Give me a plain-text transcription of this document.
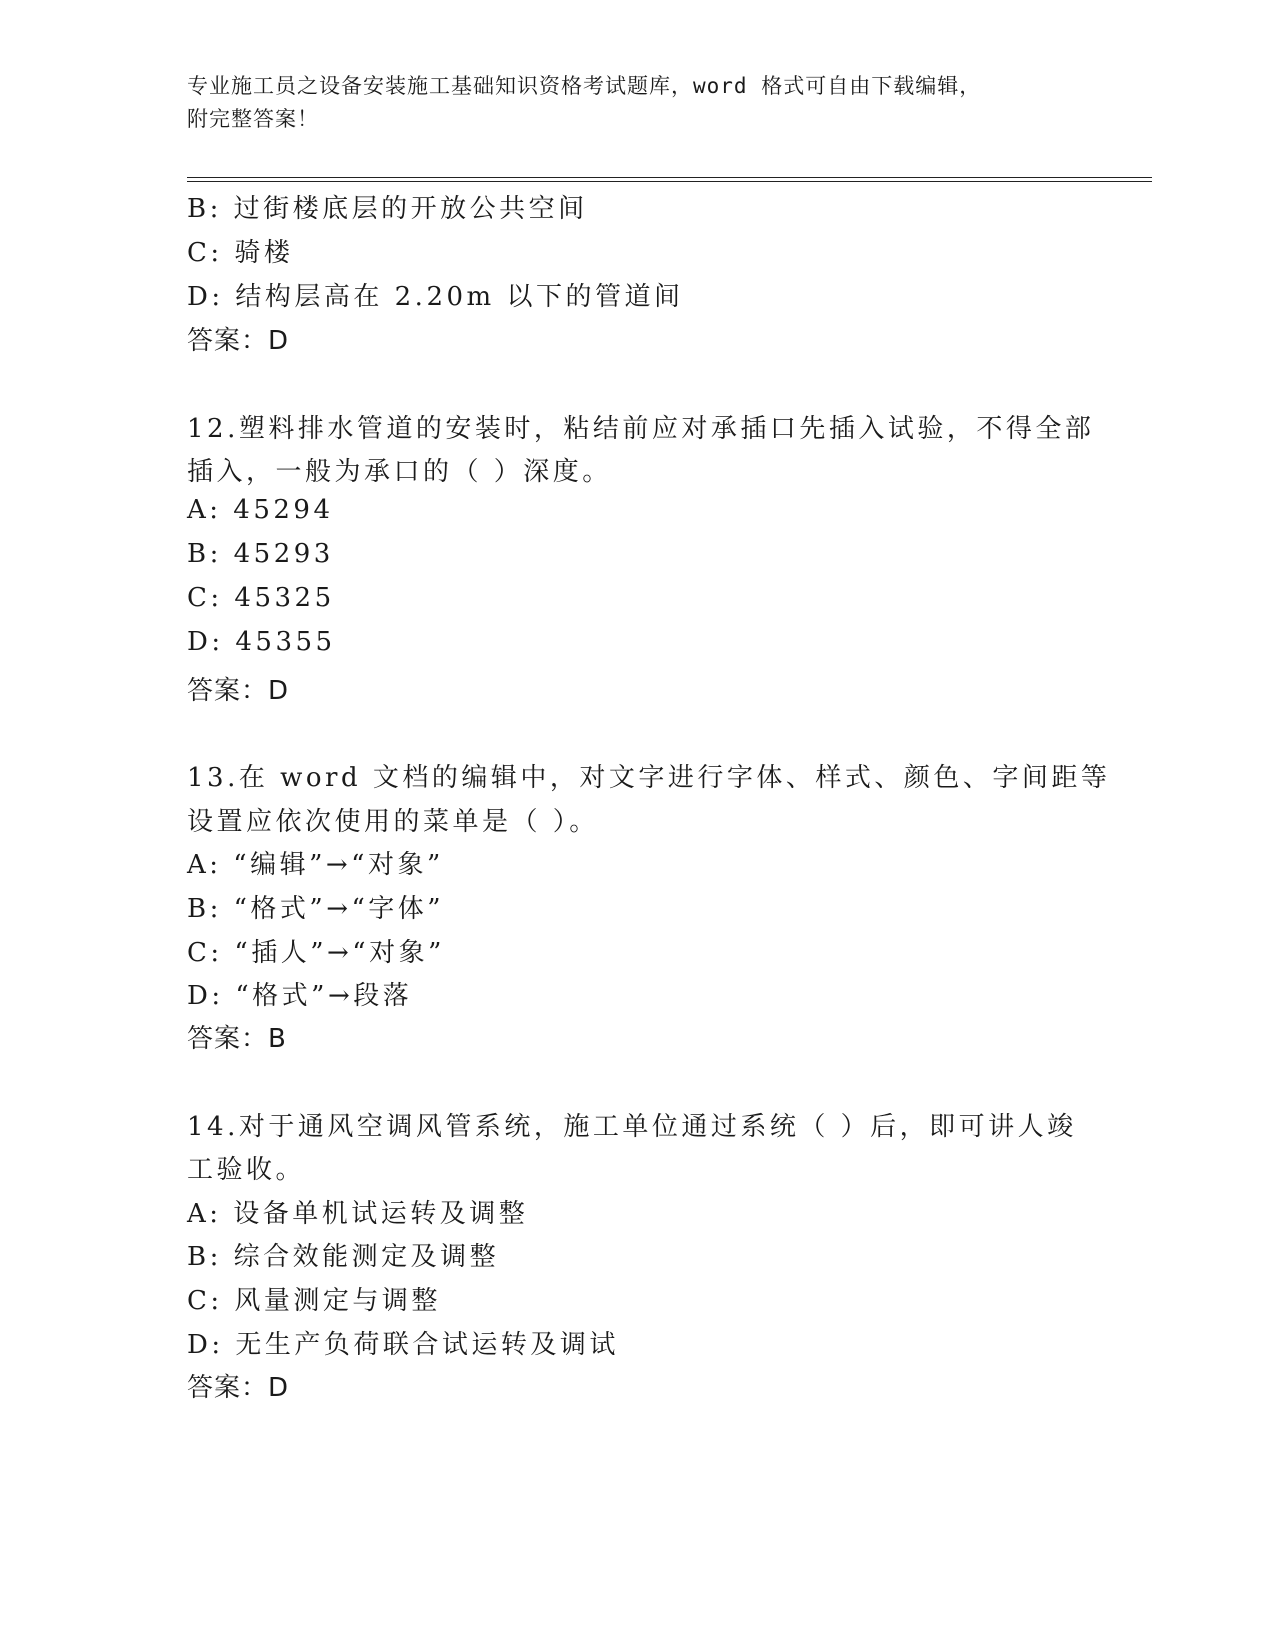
专业施工员之设备安装施工基础知识资格考试题库，word 格式可自由下载编辑，
附完整答案！
B: 过街楼底层的开放公共空间
C: 骑楼
D: 结构层高在 2.20m 以下的管道间
答案：D
12.塑料排水管道的安装时，粘结前应对承插口先插入试验，不得全部
插入，一般为承口的（ ）深度。
A: 45294
B: 45293
C: 45325
D: 45355
答案：D
13.在 word 文档的编辑中，对文字进行字体、样式、颜色、字间距等
设置应依次使用的菜单是（ ）。
A: “编辑”→“对象”
B: “格式”→“字体”
C: “插人”→“对象”
D: “格式”→段落
答案：B
14.对于通风空调风管系统，施工单位通过系统（ ）后，即可讲人竣
工验收。
A: 设备单机试运转及调整
B: 综合效能测定及调整
C: 风量测定与调整
D: 无生产负荷联合试运转及调试
答案：D
